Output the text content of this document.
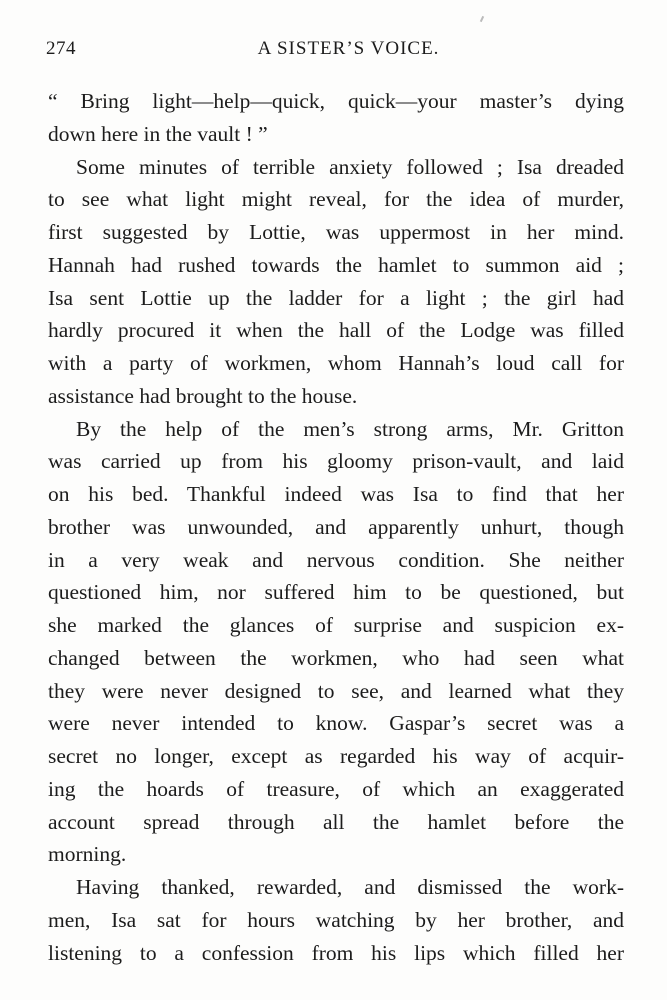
274	A SISTER’S VOICE.
“ Bring light—help—quick, quick—your master’s dying
down here in the vault ! ”
Some minutes of terrible anxiety followed ; Isa dreaded
to see what light might reveal, for the idea of murder,
first suggested by Lottie, was uppermost in her mind.
Hannah had rushed towards the hamlet to summon aid ;
Isa sent Lottie up the ladder for a light ; the girl had
hardly procured it when the hall of the Lodge was filled
with a party of workmen, whom Hannah’s loud call for
assistance had brought to the house.
By the help of the men’s strong arms, Mr. Gritton
was carried up from his gloomy prison-vault, and laid
on his bed. Thankful indeed was Isa to find that her
brother was unwounded, and apparently unhurt, though
in a very weak and nervous condition. She neither
questioned him, nor suffered him to be questioned, but
she marked the glances of surprise and suspicion ex-
changed between the workmen, who had seen what
they were never designed to see, and learned what they
were never intended to know. Gaspar’s secret was a
secret no longer, except as regarded his way of acquir-
ing the hoards of treasure, of which an exaggerated
account spread through all the hamlet before the
morning.
Having thanked, rewarded, and dismissed the work-
men, Isa sat for hours watching by her brother, and
listening to a confession from his lips which filled her
